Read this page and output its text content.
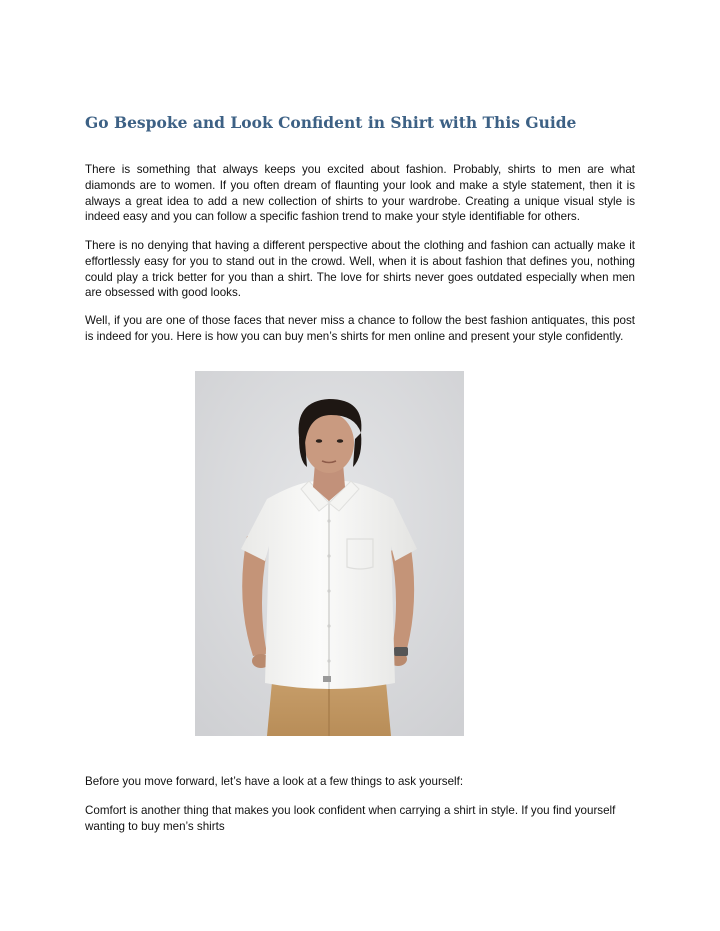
Go Bespoke and Look Confident in Shirt with This Guide
There is something that always keeps you excited about fashion. Probably, shirts to men are what diamonds are to women. If you often dream of flaunting your look and make a style statement, then it is always a great idea to add a new collection of shirts to your wardrobe. Creating a unique visual style is indeed easy and you can follow a specific fashion trend to make your style identifiable for others.
There is no denying that having a different perspective about the clothing and fashion can actually make it effortlessly easy for you to stand out in the crowd. Well, when it is about fashion that defines you, nothing could play a trick better for you than a shirt. The love for shirts never goes outdated especially when men are obsessed with good looks.
Well, if you are one of those faces that never miss a chance to follow the best fashion antiquates, this post is indeed for you. Here is how you can buy men’s shirts for men online and present your style confidently.
Before you move forward, let’s have a look at a few things to ask yourself:
Comfort is another thing that makes you look confident when carrying a shirt in style. If you find yourself wanting to buy men’s shirts
